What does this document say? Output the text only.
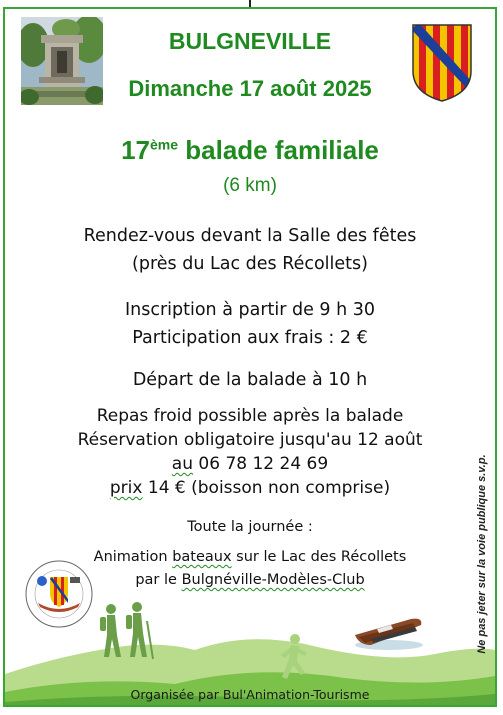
BULGNEVILLE
Dimanche 17 août 2025
17ème balade familiale
(6 km)
Rendez-vous devant la Salle des fêtes
(près du Lac des Récollets)
Inscription à partir de 9 h 30
Participation aux frais : 2 €
Départ de la balade à 10 h
Repas froid possible après la balade
Réservation obligatoire jusqu'au 12 août
au 06 78 12 24 69
prix 14 € (boisson non comprise)
Toute la journée :
Animation bateaux sur le Lac des Récollets
par le Bulgnéville-Modèles-Club	Ne pas jeter sur la voie publique s.v.p.
Organisée par Bul'Animation-Tourisme
